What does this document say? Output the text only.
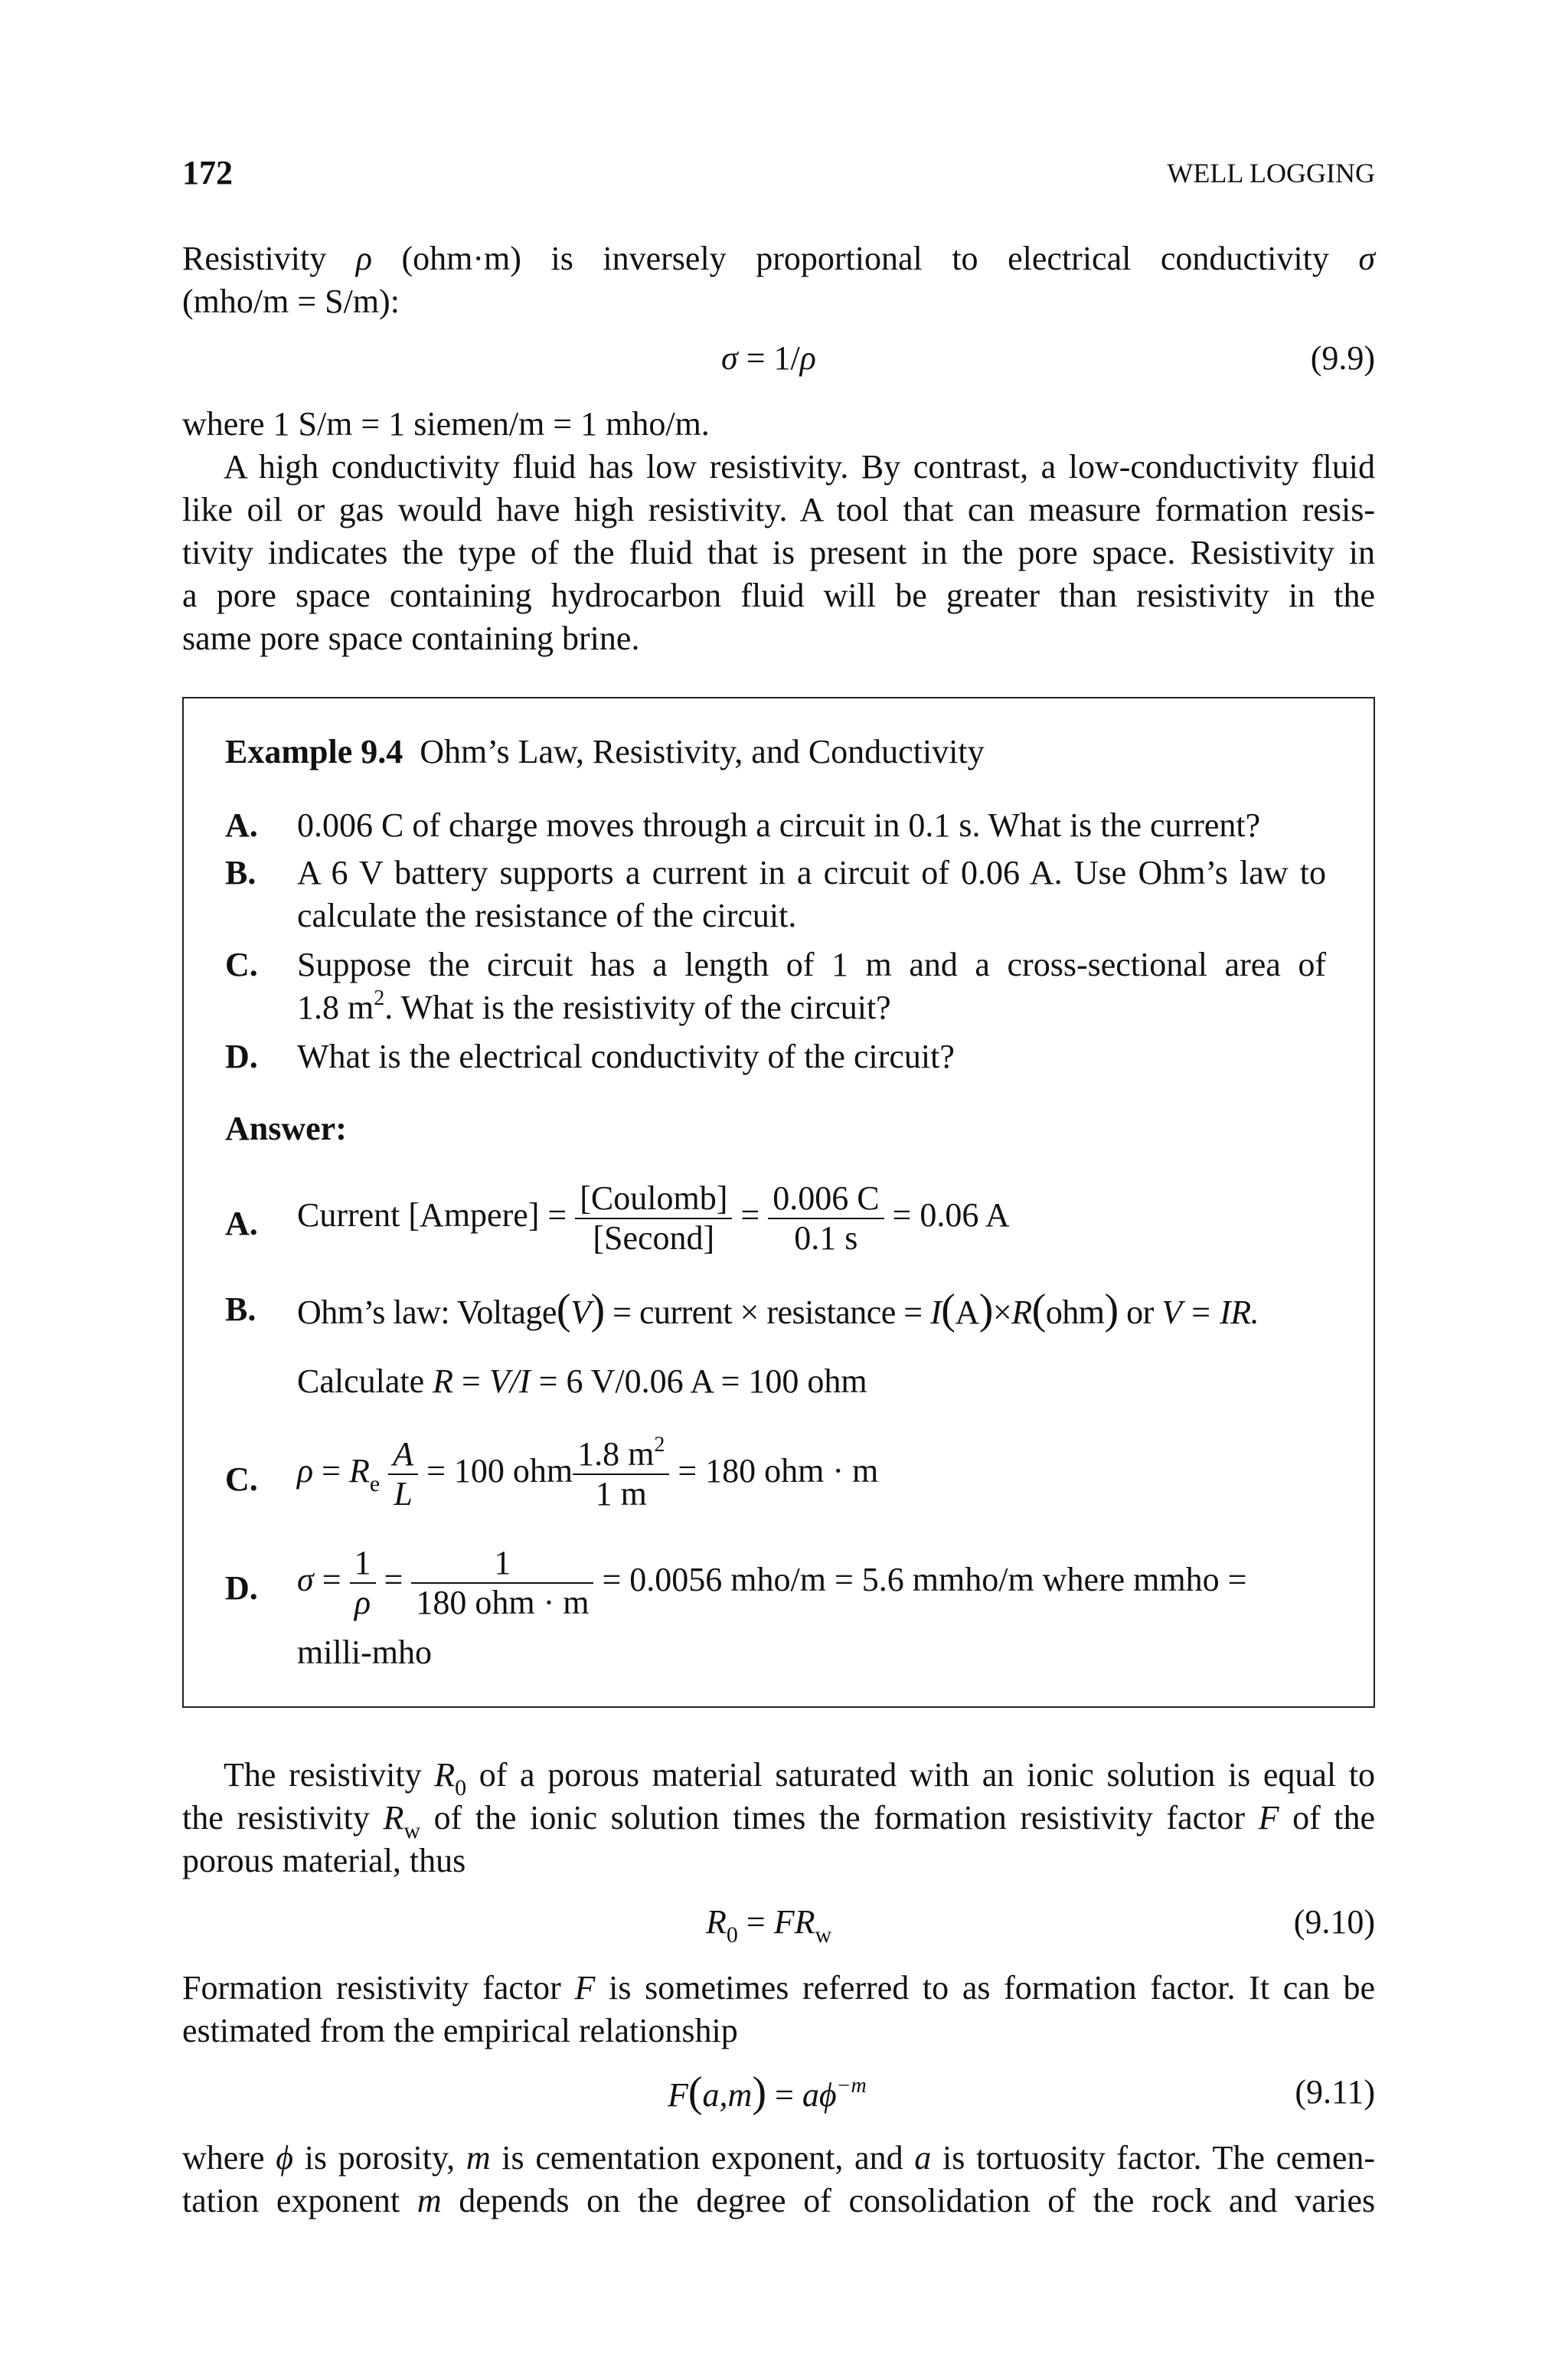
172	WELL LOGGING
Resistivity ρ (ohm·m) is inversely proportional to electrical conductivity σ
(mho/m = S/m):
σ = 1/ρ	(9.9)
where 1 S/m = 1 siemen/m = 1 mho/m.
A high conductivity fluid has low resistivity. By contrast, a low-conductivity fluid
like oil or gas would have high resistivity. A tool that can measure formation resis-
tivity indicates the type of the fluid that is present in the pore space. Resistivity in
a pore space containing hydrocarbon fluid will be greater than resistivity in the
same pore space containing brine.
Example 9.4 Ohm’s Law, Resistivity, and Conductivity
A. 0.006 C of charge moves through a circuit in 0.1 s. What is the current?
B. A 6 V battery supports a current in a circuit of 0.06 A. Use Ohm’s law to
calculate the resistance of the circuit.
C. Suppose the circuit has a length of 1 m and a cross-sectional area of
1.8 $m^2$. What is the resistivity of the circuit?
D. What is the electrical conductivity of the circuit?
Answer:
A. Current [Ampere] = $\frac{\text{[Coulomb]}}{\text{[Second]}} = \frac{0.006 C}{0.1 s} = 0.06$ A
B. Ohm’s law: Voltage(V) = current × resistance = I(A)×R(ohm) or V = IR.
Calculate R = V/I = 6 V/0.06 A = 100 ohm
C. $\rho = R_e \frac{A}{L} = 100$ ohm $\frac{1.8 m^2}{1 m} = 180$ ohm · m
D. $\sigma = \frac{1}{\rho} = \frac{1}{\text{180 ohm · m}} = 0.0056$ mho/m = 5.6 mmho/m where mmho =
milli-mho
The resistivity $R_0$ of a porous material saturated with an ionic solution is equal to
the resistivity $R_w$ of the ionic solution times the formation resistivity factor F of the
porous material, thus
$R_0 = FR_w$	(9.10)
Formation resistivity factor F is sometimes referred to as formation factor. It can be
estimated from the empirical relationship
$F(a,m) = a\phi^{-m}$	(9.11)
where ϕ is porosity, m is cementation exponent, and a is tortuosity factor. The cemen-
tation exponent m depends on the degree of consolidation of the rock and varies
